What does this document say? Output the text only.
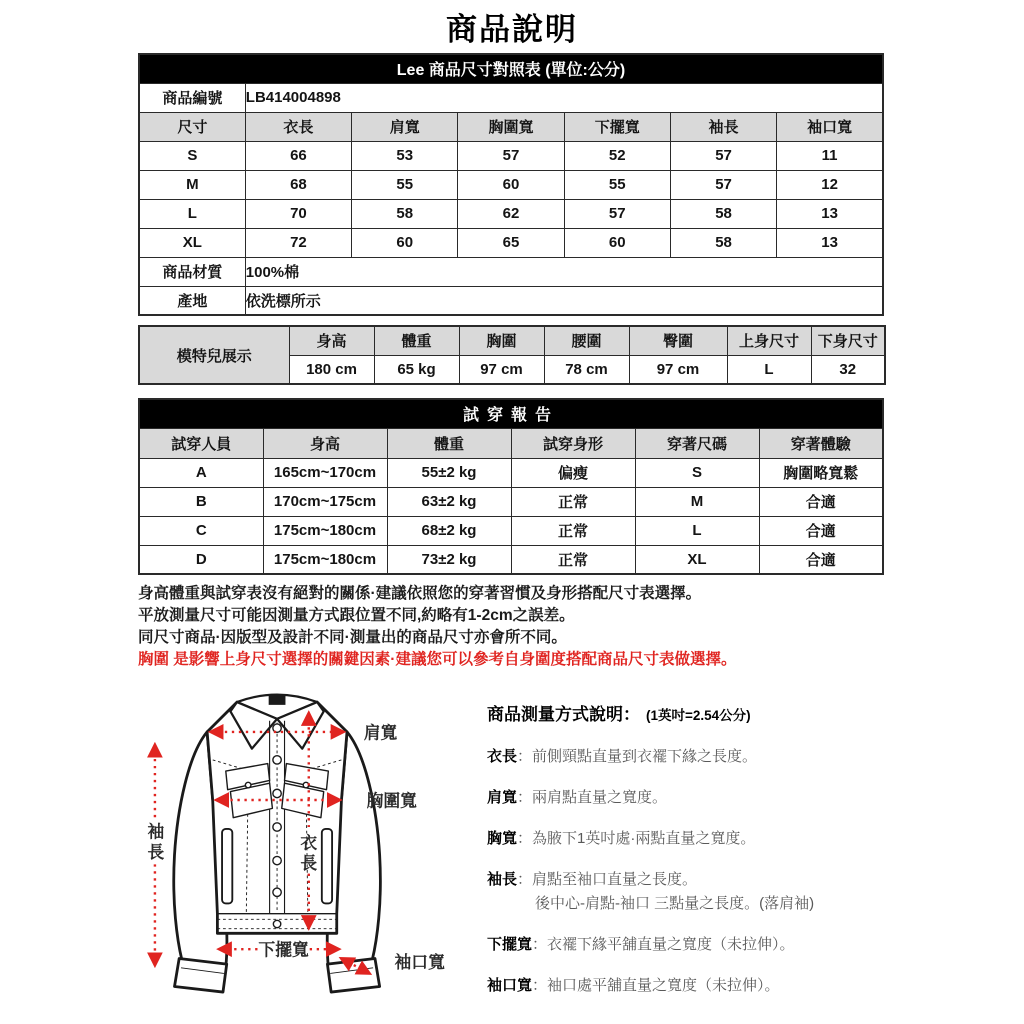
商品說明
Lee 商品尺寸對照表 (單位:公分)						
商品編號	LB414004898					
尺寸	衣長	肩寬	胸圍寬	下擺寬	袖長	袖口寬
S	66	53	57	52	57	11
M	68	55	60	55	57	12
L	70	58	62	57	58	13
XL	72	60	65	60	58	13
商品材質	100%棉					
產地	依洗標所示					
模特兒展示	身高	體重	胸圍	腰圍	臀圍	上身尺寸	下身尺寸
	180 cm	65 kg	97 cm	78 cm	97 cm	L	32
試穿報告					
試穿人員	身高	體重	試穿身形	穿著尺碼	穿著體驗
A	165cm~170cm	55±2 kg	偏瘦	S	胸圍略寬鬆
B	170cm~175cm	63±2 kg	正常	M	合適
C	175cm~180cm	68±2 kg	正常	L	合適
D	175cm~180cm	73±2 kg	正常	XL	合適
身高體重與試穿表沒有絕對的關係·建議依照您的穿著習慣及身形搭配尺寸表選擇。
平放測量尺寸可能因測量方式跟位置不同,約略有1-2cm之誤差。
同尺寸商品·因版型及設計不同·測量出的商品尺寸亦會所不同。
胸圍 是影響上身尺寸選擇的關鍵因素·建議您可以參考自身圍度搭配商品尺寸表做選擇。
肩寬
胸圍寬
衣
長
袖
長
下擺寬
袖口寬
商品測量方式說明： (1英吋=2.54公分)
衣長：前側頸點直量到衣襬下緣之長度。
肩寬：兩肩點直量之寬度。
胸寬：為腋下1英吋處·兩點直量之寬度。
袖長：肩點至袖口直量之長度。
後中心-肩點-袖口 三點量之長度。(落肩袖)
下擺寬：衣襬下緣平舖直量之寬度（未拉伸）。
袖口寬：袖口處平舖直量之寬度（未拉伸）。
